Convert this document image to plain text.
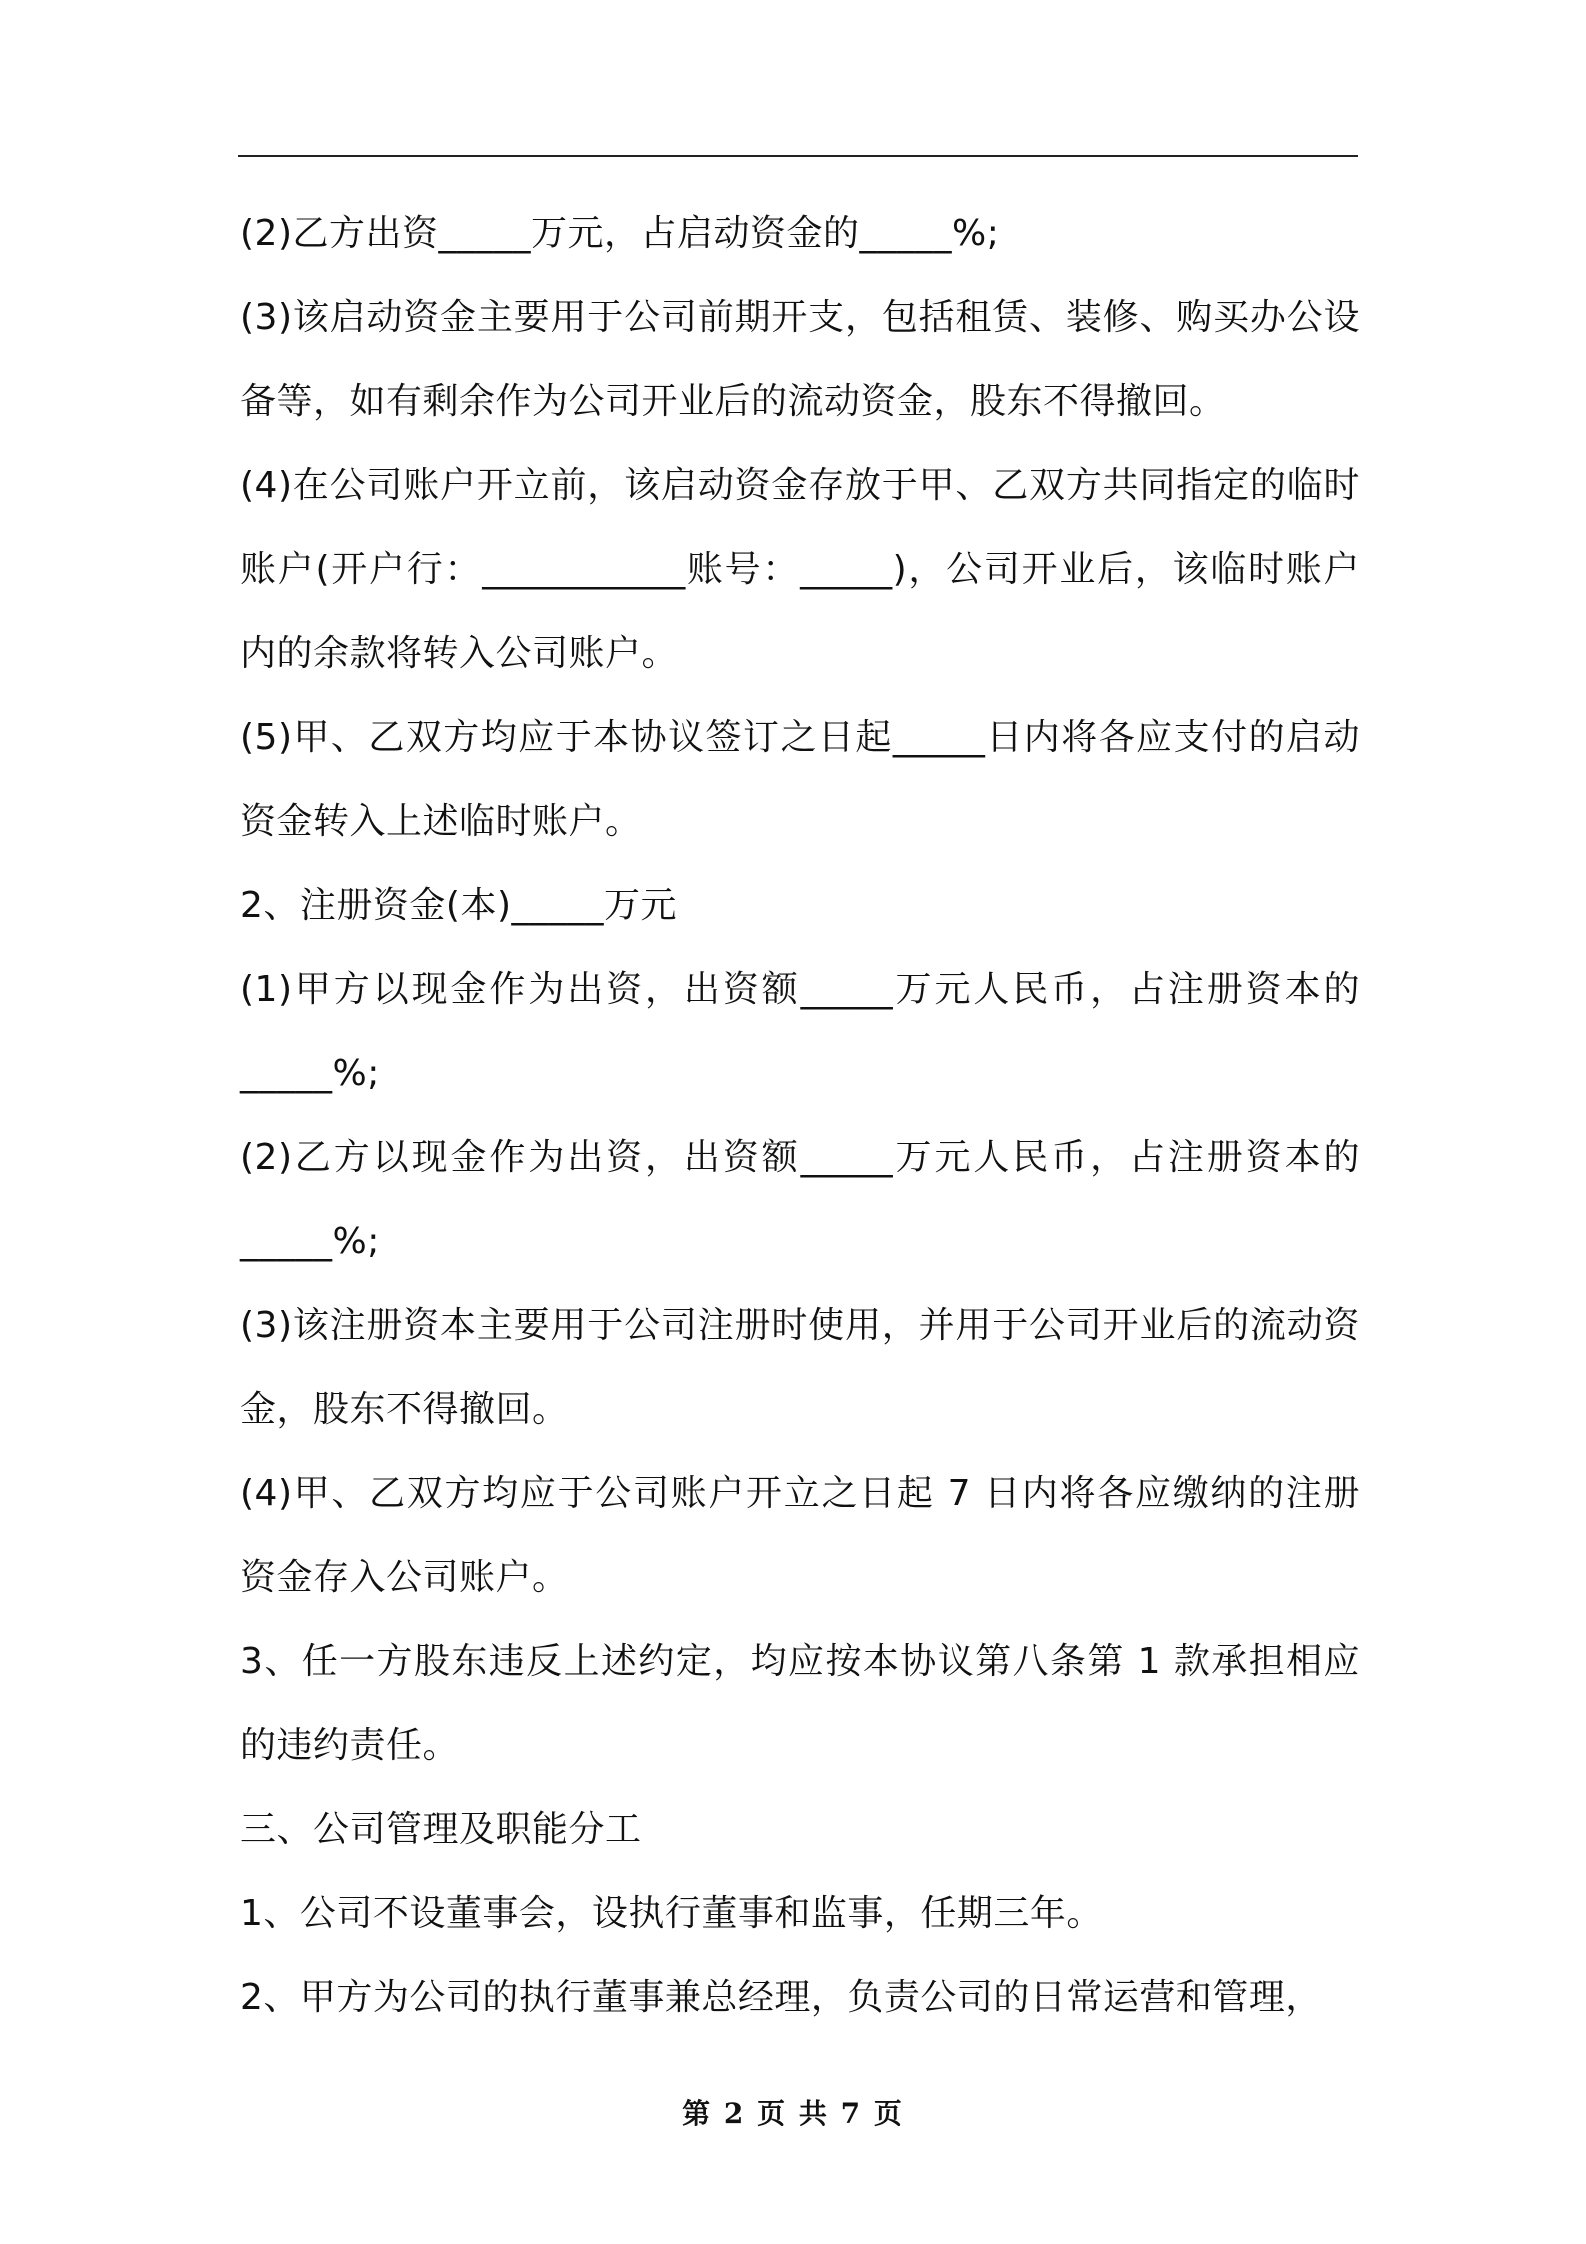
(2)乙方出资_____万元，占启动资金的_____%;

(3)该启动资金主要用于公司前期开支，包括租赁、装修、购买办公设备等，如有剩余作为公司开业后的流动资金，股东不得撤回。

(4)在公司账户开立前，该启动资金存放于甲、乙双方共同指定的临时账户(开户行：___________账号：_____)，公司开业后，该临时账户内的余款将转入公司账户。

(5)甲、乙双方均应于本协议签订之日起_____日内将各应支付的启动资金转入上述临时账户。

2、注册资金(本)_____万元

(1)甲方以现金作为出资，出资额_____万元人民币，占注册资本的_____%;

(2)乙方以现金作为出资，出资额_____万元人民币，占注册资本的_____%;

(3)该注册资本主要用于公司注册时使用，并用于公司开业后的流动资金，股东不得撤回。

(4)甲、乙双方均应于公司账户开立之日起 7 日内将各应缴纳的注册资金存入公司账户。

3、任一方股东违反上述约定，均应按本协议第八条第 1 款承担相应的违约责任。

三、公司管理及职能分工

1、公司不设董事会，设执行董事和监事，任期三年。

2、甲方为公司的执行董事兼总经理，负责公司的日常运营和管理，

第 2 页 共 7 页
